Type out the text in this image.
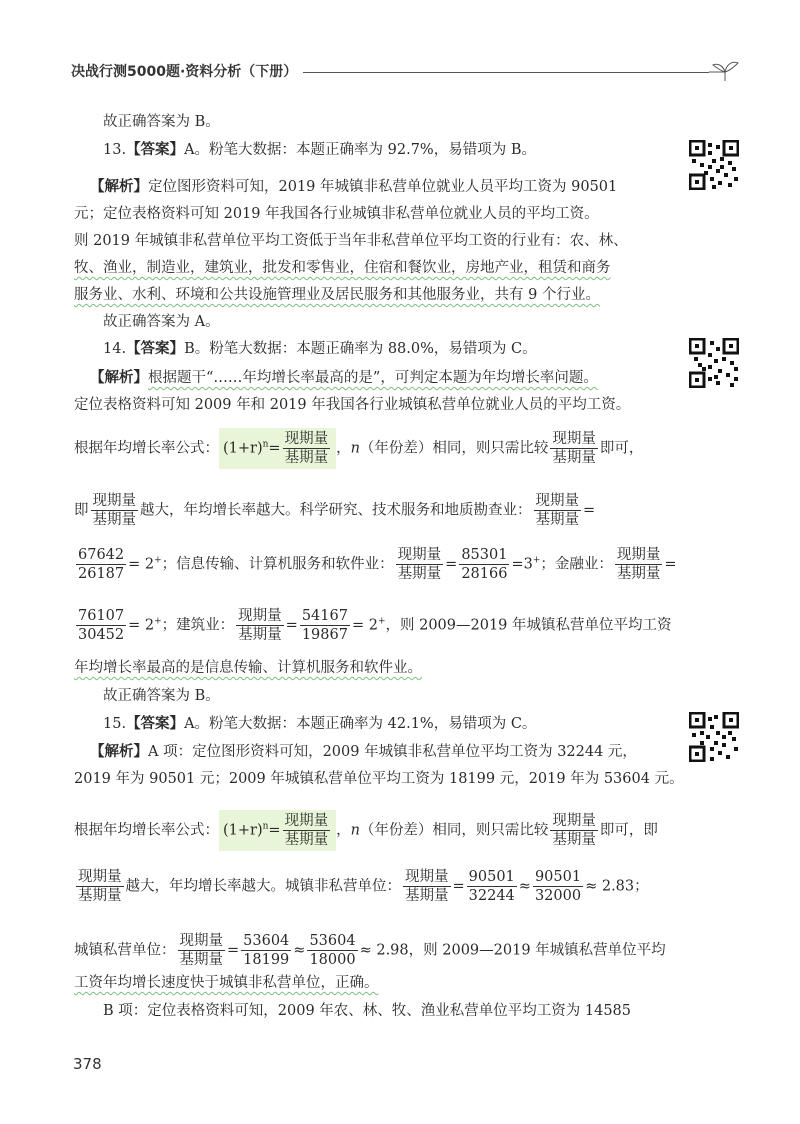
决战行测5000题·资料分析（下册）
故正确答案为 B。
13.【答案】A。粉笔大数据：本题正确率为 92.7%，易错项为 B。
【解析】定位图形资料可知，2019 年城镇非私营单位就业人员平均工资为 90501
元；定位表格资料可知 2019 年我国各行业城镇非私营单位就业人员的平均工资。
则 2019 年城镇非私营单位平均工资低于当年非私营单位平均工资的行业有：农、林、
牧、渔业，制造业，建筑业，批发和零售业，住宿和餐饮业，房地产业，租赁和商务
服务业、水利、环境和公共设施管理业及居民服务和其他服务业，共有 9 个行业。
故正确答案为 A。
14.【答案】B。粉笔大数据：本题正确率为 88.0%，易错项为 C。
【解析】根据题干“……年均增长率最高的是”，可判定本题为年均增长率问题。
定位表格资料可知 2009 年和 2019 年我国各行业城镇私营单位就业人员的平均工资。
根据年均增长率公式： $(1+r)^n= \frac{\text{现期量}}{\text{基期量}}$ ，n（年份差）相同，则只需比较 $\frac{\text{现期量}}{\text{基期量}}$ 即可，
即 $\frac{\text{现期量}}{\text{基期量}}$ 越大，年均增长率越大。科学研究、技术服务和地质勘查业： $\frac{\text{现期量}}{\text{基期量}}$ =
$\frac{67642}{26187} = 2^+$；信息传输、计算机服务和软件业： $\frac{\text{现期量}}{\text{基期量}} = \frac{85301}{28166} =3^+$；金融业： $\frac{\text{现期量}}{\text{基期量}}$ =
$\frac{76107}{30452} = 2^+$；建筑业： $\frac{\text{现期量}}{\text{基期量}} = \frac{54167}{19867} = 2^+$，则 2009—2019 年城镇私营单位平均工资
年均增长率最高的是信息传输、计算机服务和软件业。
故正确答案为 B。
15.【答案】A。粉笔大数据：本题正确率为 42.1%，易错项为 C。
【解析】A 项：定位图形资料可知，2009 年城镇非私营单位平均工资为 32244 元，
2019 年为 90501 元；2009 年城镇私营单位平均工资为 18199 元，2019 年为 53604 元。
根据年均增长率公式： $(1+r)^n= \frac{\text{现期量}}{\text{基期量}}$ ，n（年份差）相同，则只需比较 $\frac{\text{现期量}}{\text{基期量}}$ 即可，即
$\frac{\text{现期量}}{\text{基期量}}$ 越大，年均增长率越大。城镇非私营单位： $\frac{\text{现期量}}{\text{基期量}} = \frac{90501}{32244} \approx \frac{90501}{32000} \approx 2.83$；
城镇私营单位： $\frac{\text{现期量}}{\text{基期量}} = \frac{53604}{18199} \approx \frac{53604}{18000} \approx 2.98$，则 2009—2019 年城镇私营单位平均
工资年均增长速度快于城镇非私营单位，正确。
B 项：定位表格资料可知，2009 年农、林、牧、渔业私营单位平均工资为 14585
378
